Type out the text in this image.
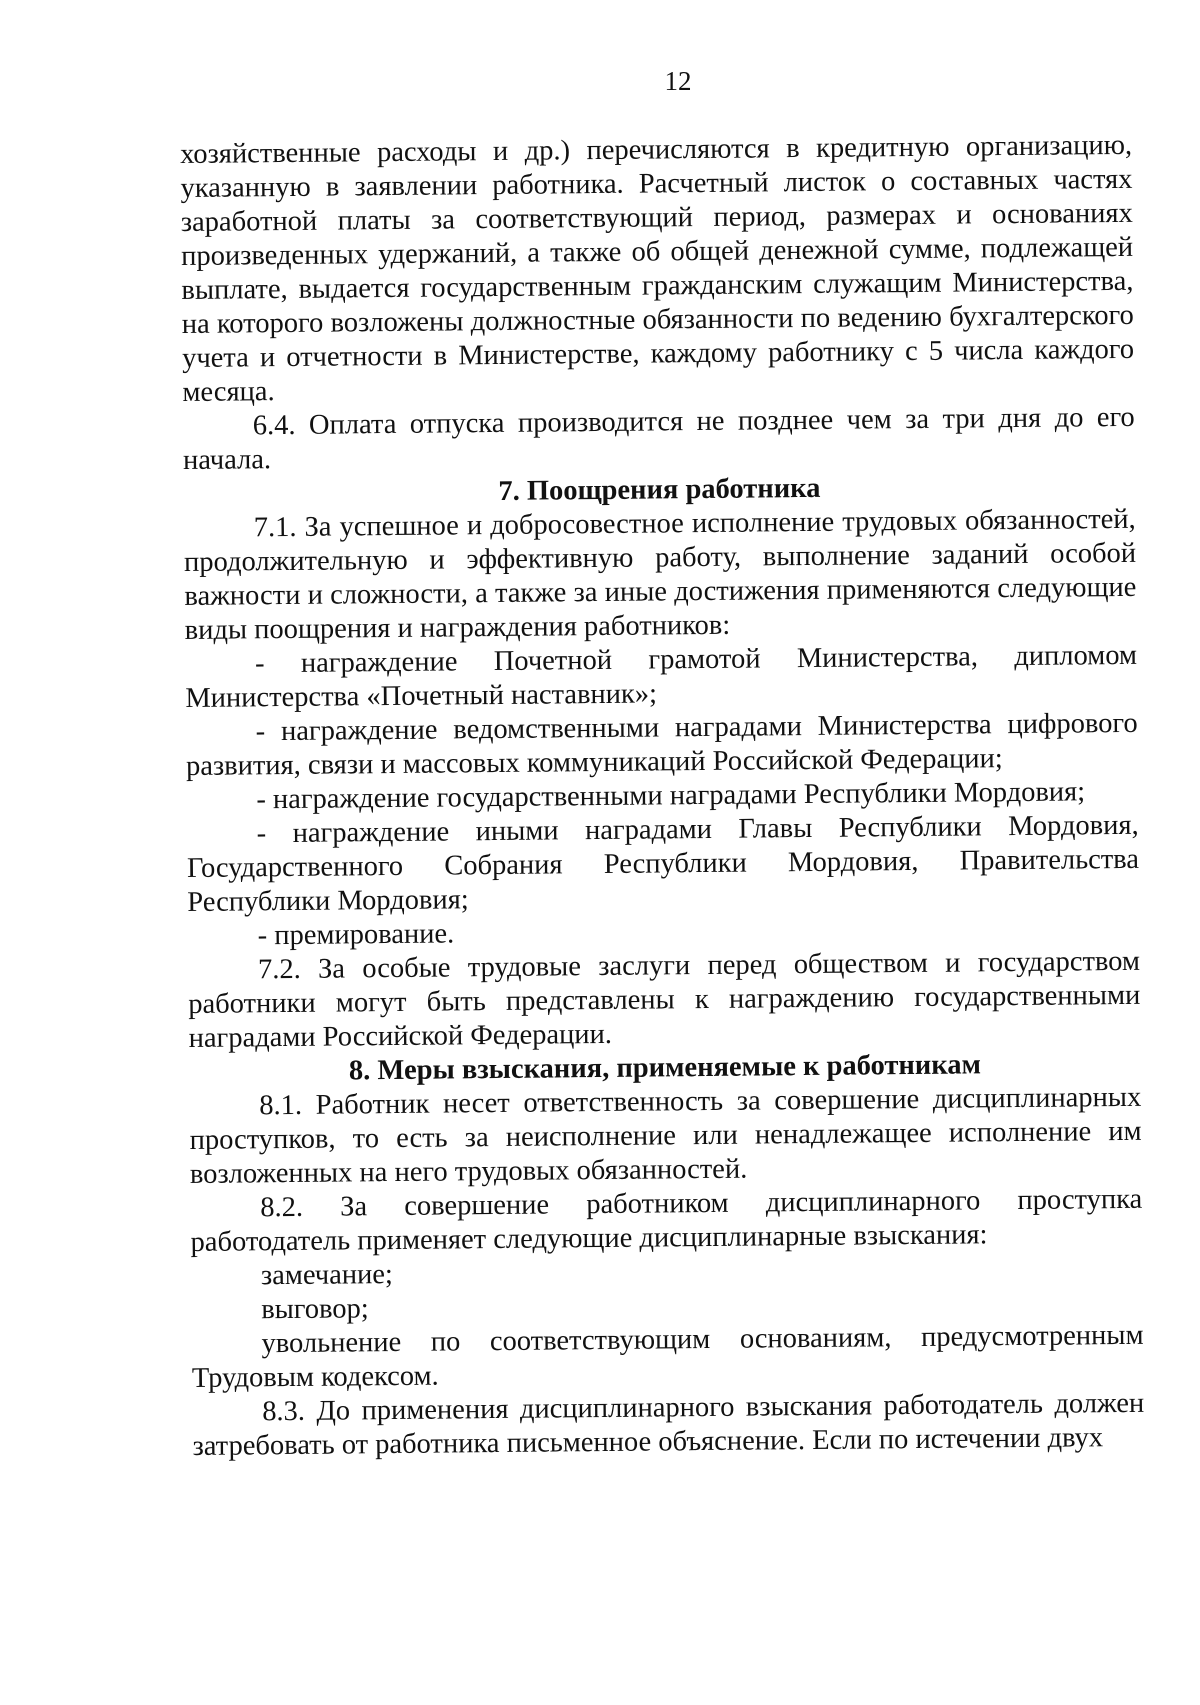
12

хозяйственные расходы и др.) перечисляются в кредитную организацию, указанную в заявлении работника. Расчетный листок о составных частях заработной платы за соответствующий период, размерах и основаниях произведенных удержаний, а также об общей денежной сумме, подлежащей выплате, выдается государственным гражданским служащим Министерства, на которого возложены должностные обязанности по ведению бухгалтерского учета и отчетности в Министерстве, каждому работнику с 5 числа каждого месяца.

6.4. Оплата отпуска производится не позднее чем за три дня до его начала.

7. Поощрения работника

7.1. За успешное и добросовестное исполнение трудовых обязанностей, продолжительную и эффективную работу, выполнение заданий особой важности и сложности, а также за иные достижения применяются следующие виды поощрения и награждения работников:

- награждение Почетной грамотой Министерства, дипломом Министерства «Почетный наставник»;

- награждение ведомственными наградами Министерства цифрового развития, связи и массовых коммуникаций Российской Федерации;

- награждение государственными наградами Республики Мордовия;

- награждение иными наградами Главы Республики Мордовия, Государственного Собрания Республики Мордовия, Правительства Республики Мордовия;

- премирование.

7.2. За особые трудовые заслуги перед обществом и государством работники могут быть представлены к награждению государственными наградами Российской Федерации.

8. Меры взыскания, применяемые к работникам

8.1. Работник несет ответственность за совершение дисциплинарных проступков, то есть за неисполнение или ненадлежащее исполнение им возложенных на него трудовых обязанностей.

8.2. За совершение работником дисциплинарного проступка работодатель применяет следующие дисциплинарные взыскания:

замечание;

выговор;

увольнение по соответствующим основаниям, предусмотренным Трудовым кодексом.

8.3. До применения дисциплинарного взыскания работодатель должен затребовать от работника письменное объяснение. Если по истечении двух
